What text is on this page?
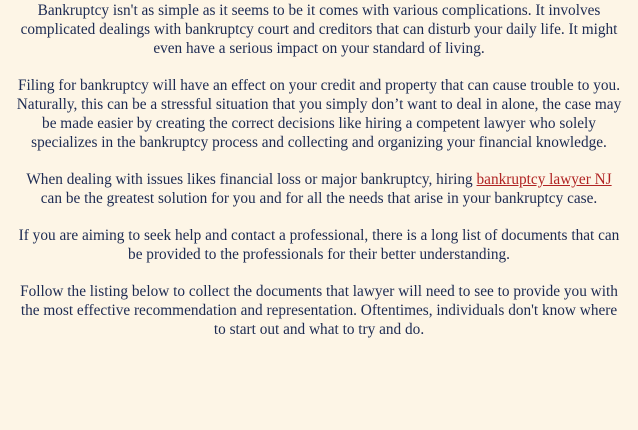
Bankruptcy isn't as simple as it seems to be it comes with various complications. It involves complicated dealings with bankruptcy court and creditors that can disturb your daily life. It might even have a serious impact on your standard of living.

Filing for bankruptcy will have an effect on your credit and property that can cause trouble to you. Naturally, this can be a stressful situation that you simply don’t want to deal in alone, the case may be made easier by creating the correct decisions like hiring a competent lawyer who solely specializes in the bankruptcy process and collecting and organizing your financial knowledge.

When dealing with issues likes financial loss or major bankruptcy, hiring bankruptcy lawyer NJ can be the greatest solution for you and for all the needs that arise in your bankruptcy case.

If you are aiming to seek help and contact a professional, there is a long list of documents that can be provided to the professionals for their better understanding.

Follow the listing below to collect the documents that lawyer will need to see to provide you with the most effective recommendation and representation. Oftentimes, individuals don't know where to start out and what to try and do.
